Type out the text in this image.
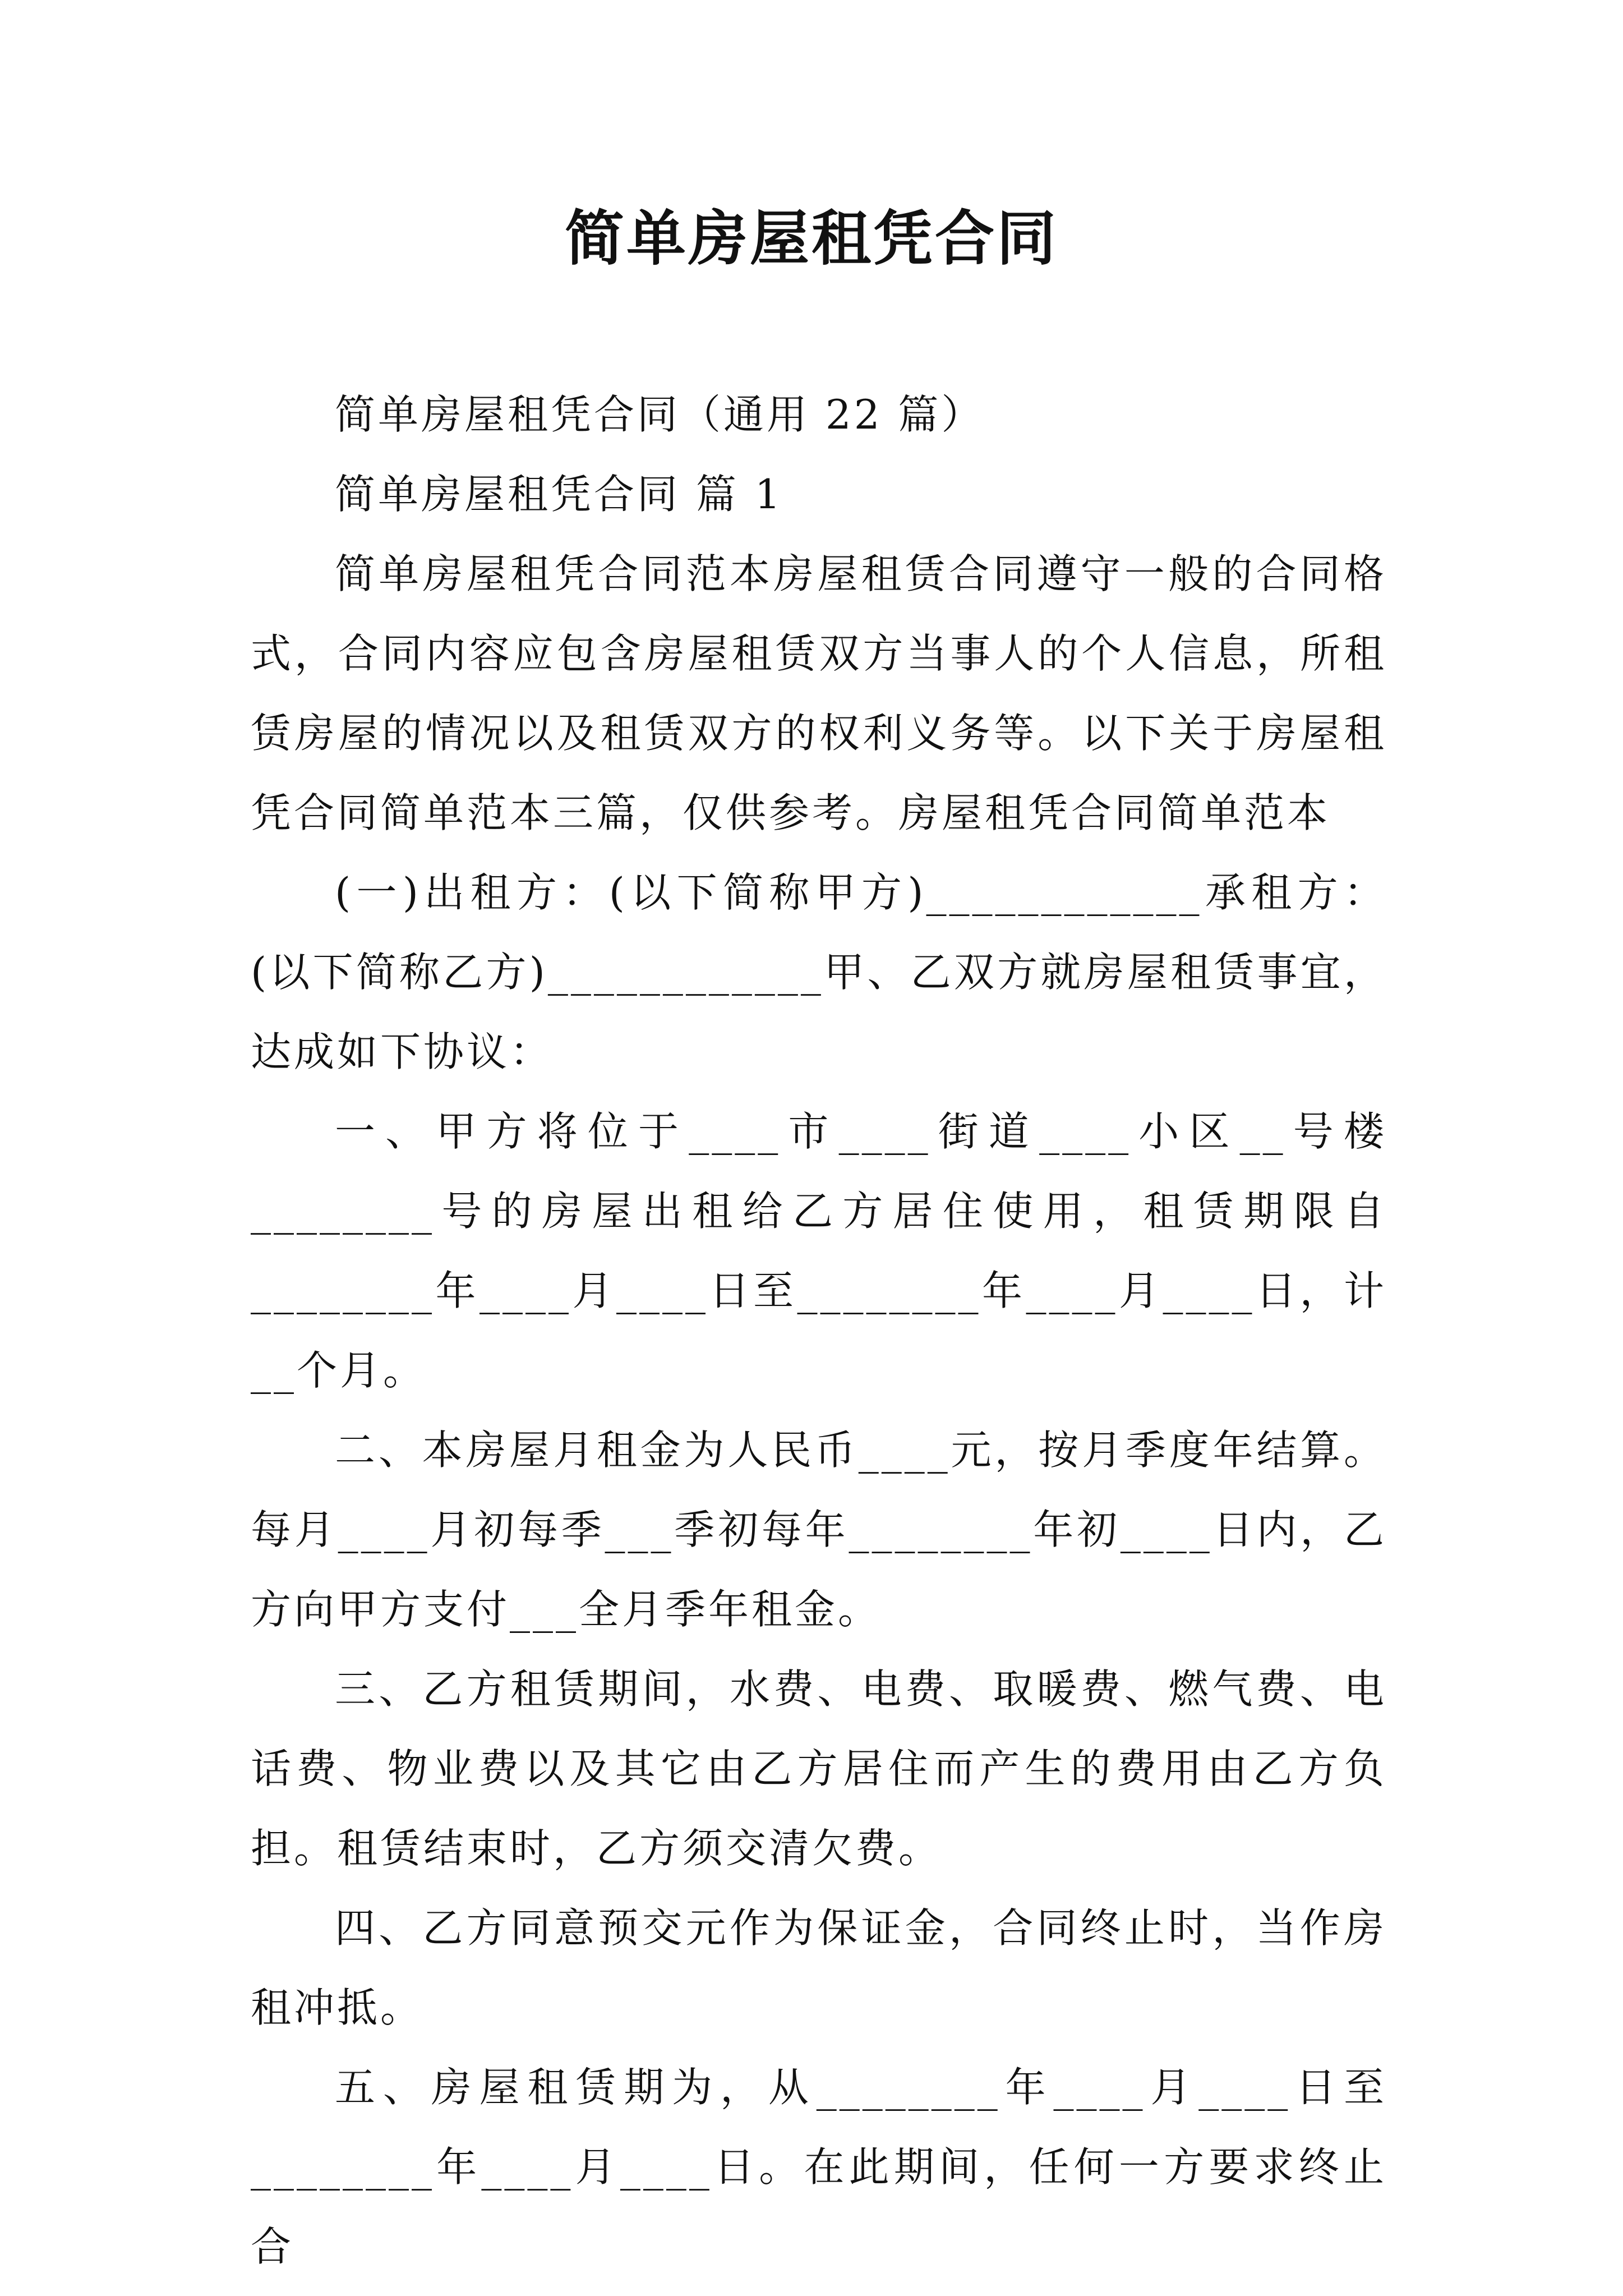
简单房屋租凭合同

简单房屋租凭合同（通用 22 篇）

简单房屋租凭合同 篇 1

简单房屋租凭合同范本房屋租赁合同遵守一般的合同格式，合同内容应包含房屋租赁双方当事人的个人信息，所租赁房屋的情况以及租赁双方的权利义务等。以下关于房屋租凭合同简单范本三篇，仅供参考。房屋租凭合同简单范本

(一)出租方：(以下简称甲方)____________承租方：(以下简称乙方)____________甲、乙双方就房屋租赁事宜，达成如下协议：

一、甲方将位于____市____街道____小区__号楼________号的房屋出租给乙方居住使用，租赁期限自________年____月____日至________年____月____日，计__个月。

二、本房屋月租金为人民币____元，按月季度年结算。每月____月初每季___季初每年________年初____日内，乙方向甲方支付___全月季年租金。

三、乙方租赁期间，水费、电费、取暖费、燃气费、电话费、物业费以及其它由乙方居住而产生的费用由乙方负担。租赁结束时，乙方须交清欠费。

四、乙方同意预交元作为保证金，合同终止时，当作房租冲抵。

五、房屋租赁期为，从________年____月____日至________年____月____日。在此期间，任何一方要求终止合
